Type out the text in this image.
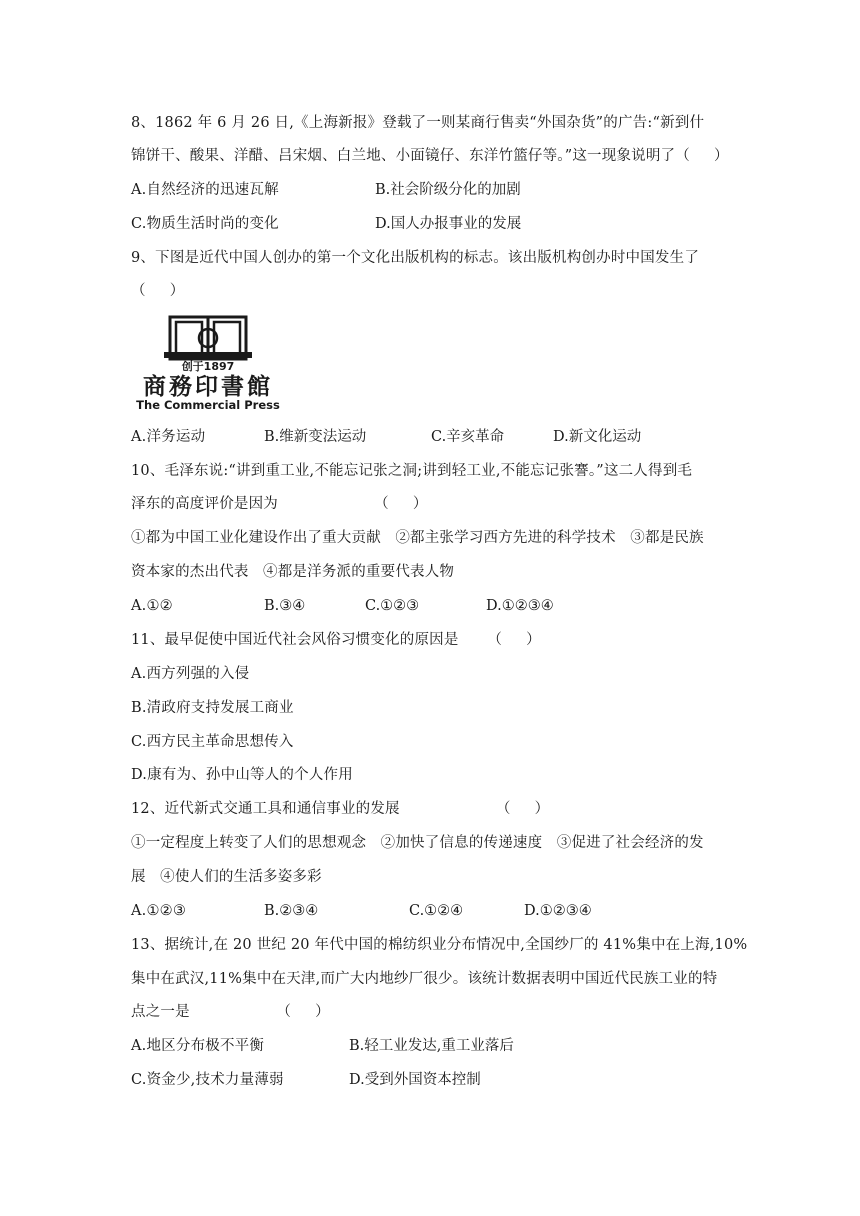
8、1862 年 6 月 26 日,《上海新报》登载了一则某商行售卖“外国杂货”的广告:“新到什
锦饼干、酸果、洋醋、吕宋烟、白兰地、小面镜仔、东洋竹篮仔等。”这一现象说明了（     ）
A.自然经济的迅速瓦解	B.社会阶级分化的加剧
C.物质生活时尚的变化	D.国人办报事业的发展
9、下图是近代中国人创办的第一个文化出版机构的标志。该出版机构创办时中国发生了
（     ）
创于1897
商務印書館
The Commercial Press
A.洋务运动	B.维新变法运动	C.辛亥革命	D.新文化运动
10、毛泽东说:“讲到重工业,不能忘记张之洞;讲到轻工业,不能忘记张謇。”这二人得到毛
泽东的高度评价是因为                    （     ）
①都为中国工业化建设作出了重大贡献   ②都主张学习西方先进的科学技术   ③都是民族
资本家的杰出代表   ④都是洋务派的重要代表人物
A.①②	B.③④	C.①②③	D.①②③④
11、最早促使中国近代社会风俗习惯变化的原因是      （     ）
A.西方列强的入侵
B.清政府支持发展工商业
C.西方民主革命思想传入
D.康有为、孙中山等人的个人作用
12、近代新式交通工具和通信事业的发展                    （     ）
①一定程度上转变了人们的思想观念   ②加快了信息的传递速度   ③促进了社会经济的发
展   ④使人们的生活多姿多彩
A.①②③	B.②③④	C.①②④	D.①②③④
13、据统计,在 20 世纪 20 年代中国的棉纺织业分布情况中,全国纱厂的 41%集中在上海,10%
集中在武汉,11%集中在天津,而广大内地纱厂很少。该统计数据表明中国近代民族工业的特
点之一是                  （     ）
A.地区分布极不平衡	B.轻工业发达,重工业落后
C.资金少,技术力量薄弱	D.受到外国资本控制
